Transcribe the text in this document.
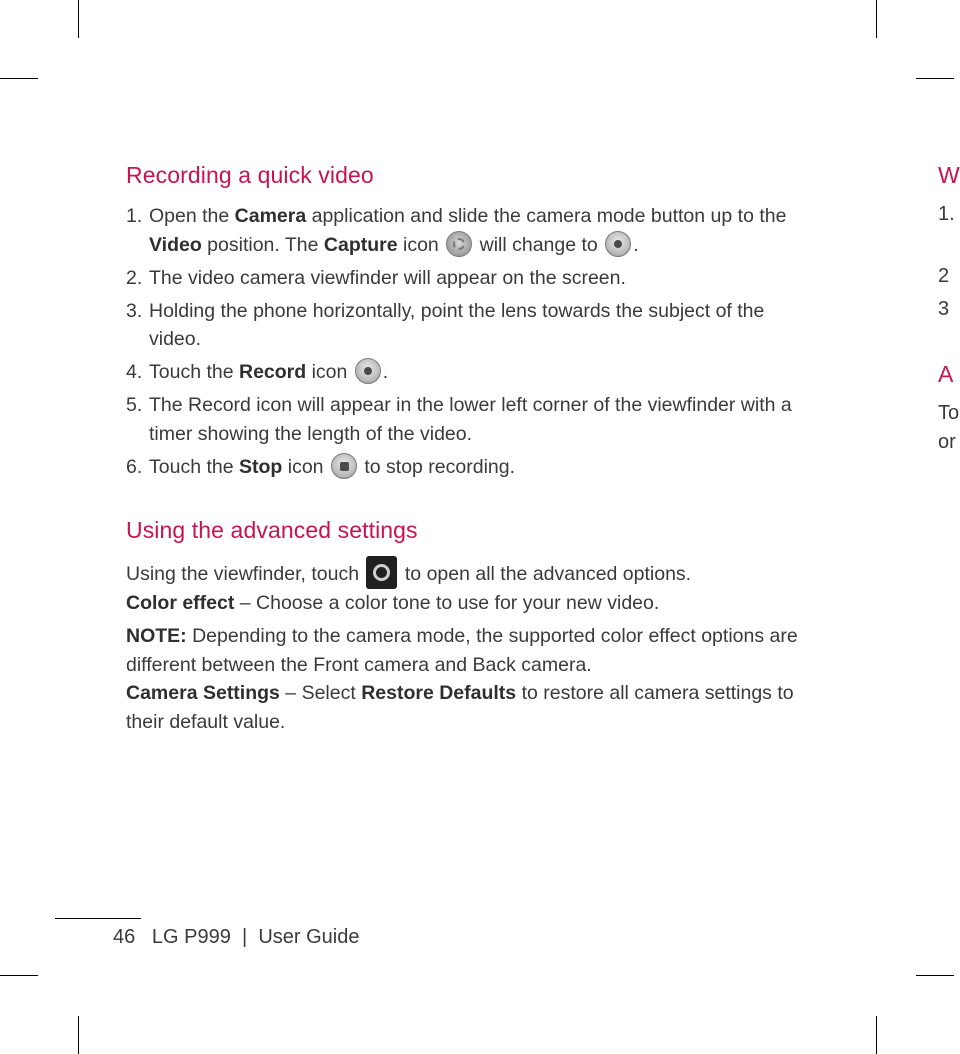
Recording a quick video
1. Open the Camera application and slide the camera mode button up to the Video position. The Capture icon  will change to .
2. The video camera viewfinder will appear on the screen.
3. Holding the phone horizontally, point the lens towards the subject of the video.
4. Touch the Record icon .
5. The Record icon will appear in the lower left corner of the viewfinder with a timer showing the length of the video.
6. Touch the Stop icon  to stop recording.
Using the advanced settings

Using the viewfinder, touch  to open all the advanced options.

Color effect – Choose a color tone to use for your new video.

NOTE: Depending to the camera mode, the supported color effect options are different between the Front camera and Back camera.

Camera Settings – Select Restore Defaults to restore all camera settings to their default value.

46 LG P999 | User Guide
W
1.
2
3
A
To
or
